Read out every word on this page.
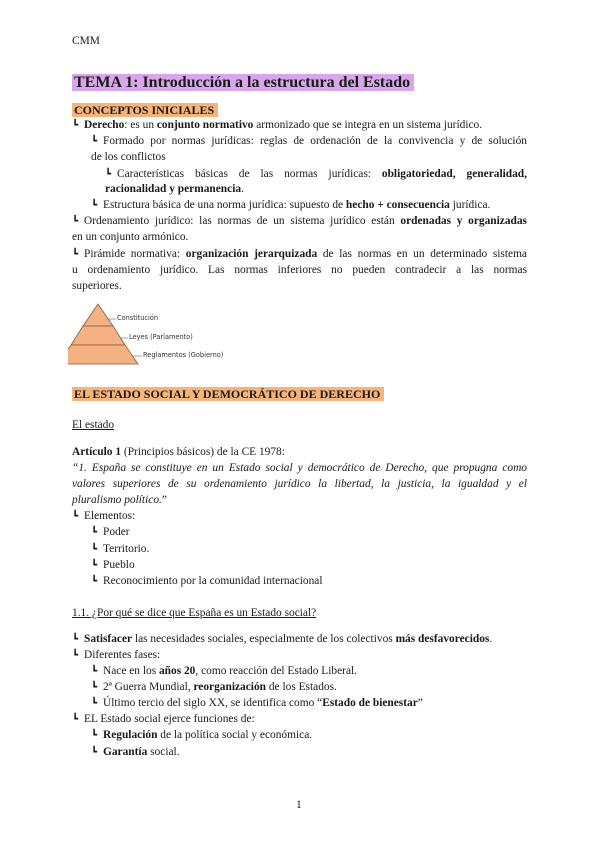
CMM
TEMA 1: Introducción a la estructura del Estado
CONCEPTOS INICIALES
┗ Derecho: es un conjunto normativo armonizado que se integra en un sistema jurídico.
┗ Formado por normas jurídicas: reglas de ordenación de la convivencia y de solución
de los conflictos
┗ Características básicas de las normas jurídicas: obligatoriedad, generalidad,
racionalidad y permanencia.
┗ Estructura básica de una norma jurídica: supuesto de hecho + consecuencia jurídica.
┗ Ordenamiento jurídico: las normas de un sistema jurídico están ordenadas y organizadas
en un conjunto armónico.
┗ Pirámide normativa: organización jerarquizada de las normas en un determinado sistema
u ordenamiento jurídico. Las normas inferiores no pueden contradecir a las normas
superiores.
Constitución
Leyes (Parlamento)
Reglamentos (Gobierno)
EL ESTADO SOCIAL Y DEMOCRÁTICO DE DERECHO
El estado
Artículo 1 (Principios básicos) de la CE 1978:
“1. España se constituye en un Estado social y democrático de Derecho, que propugna como
valores superiores de su ordenamiento jurídico la libertad, la justicia, la igualdad y el
pluralismo político.”
┗ Elementos:
┗ Poder
┗ Territorio.
┗ Pueblo
┗ Reconocimiento por la comunidad internacional
1.1. ¿Por qué se dice que España es un Estado social?
┗ Satisfacer las necesidades sociales, especialmente de los colectivos más desfavorecidos.
┗ Diferentes fases:
┗ Nace en los años 20, como reacción del Estado Liberal.
┗ 2ª Guerra Mundial, reorganización de los Estados.
┗ Último tercio del siglo XX, se identifica como “Estado de bienestar”
┗ EL Estado social ejerce funciones de:
┗ Regulación de la política social y económica.
┗ Garantía social.
1
